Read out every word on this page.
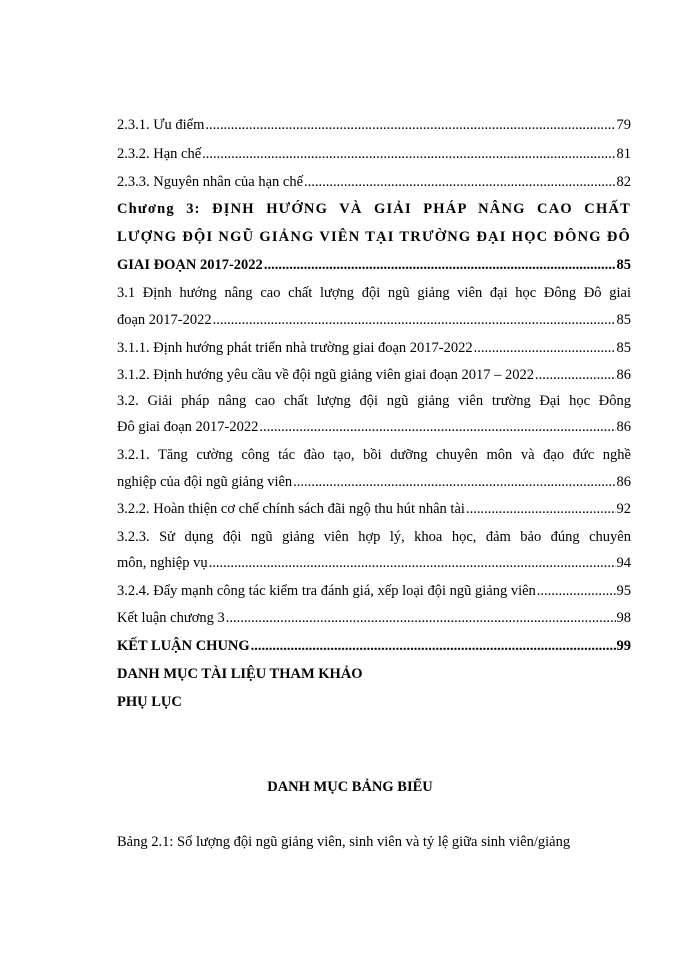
2.3.1. Ưu điểm .....	79
2.3.2. Hạn chế .....	81
2.3.3. Nguyên nhân của hạn chế .....	82
Chương 3: ĐỊNH HƯỚNG VÀ GIẢI PHÁP NÂNG CAO CHẤT
LƯỢNG ĐỘI NGŨ GIẢNG VIÊN TẠI TRƯỜNG ĐẠI HỌC ĐÔNG ĐÔ
GIAI ĐOẠN 2017-2022 .....	85
3.1 Định hướng nâng cao chất lượng đội ngũ giảng viên đại học Đông Đô giai
đoạn 2017-2022 .....	85
3.1.1. Định hướng phát triển nhà trường giai đoạn 2017-2022 .....	85
3.1.2. Định hướng yêu cầu về đội ngũ giảng viên giai đoạn 2017 – 2022 .....	86
3.2. Giải pháp nâng cao chất lượng đội ngũ giảng viên trường Đại học Đông
Đô giai đoạn 2017-2022 .....	86
3.2.1. Tăng cường công tác đào tạo, bồi dưỡng chuyên môn và đạo đức nghề
nghiệp của đội ngũ giảng viên .....	86
3.2.2. Hoàn thiện cơ chế chính sách đãi ngộ thu hút nhân tài .....	92
3.2.3. Sử dụng đội ngũ giảng viên hợp lý, khoa học, đảm bảo đúng chuyên
môn, nghiệp vụ .....	94
3.2.4. Đẩy mạnh công tác kiểm tra đánh giá, xếp loại đội ngũ giảng viên .....	95
Kết luận chương 3 .....	98
KẾT LUẬN CHUNG .....	99
DANH MỤC TÀI LIỆU THAM KHẢO
PHỤ LỤC
DANH MỤC BẢNG BIỂU
Bảng 2.1: Số lượng đội ngũ giảng viên, sinh viên và tỷ lệ giữa sinh viên/giảng
